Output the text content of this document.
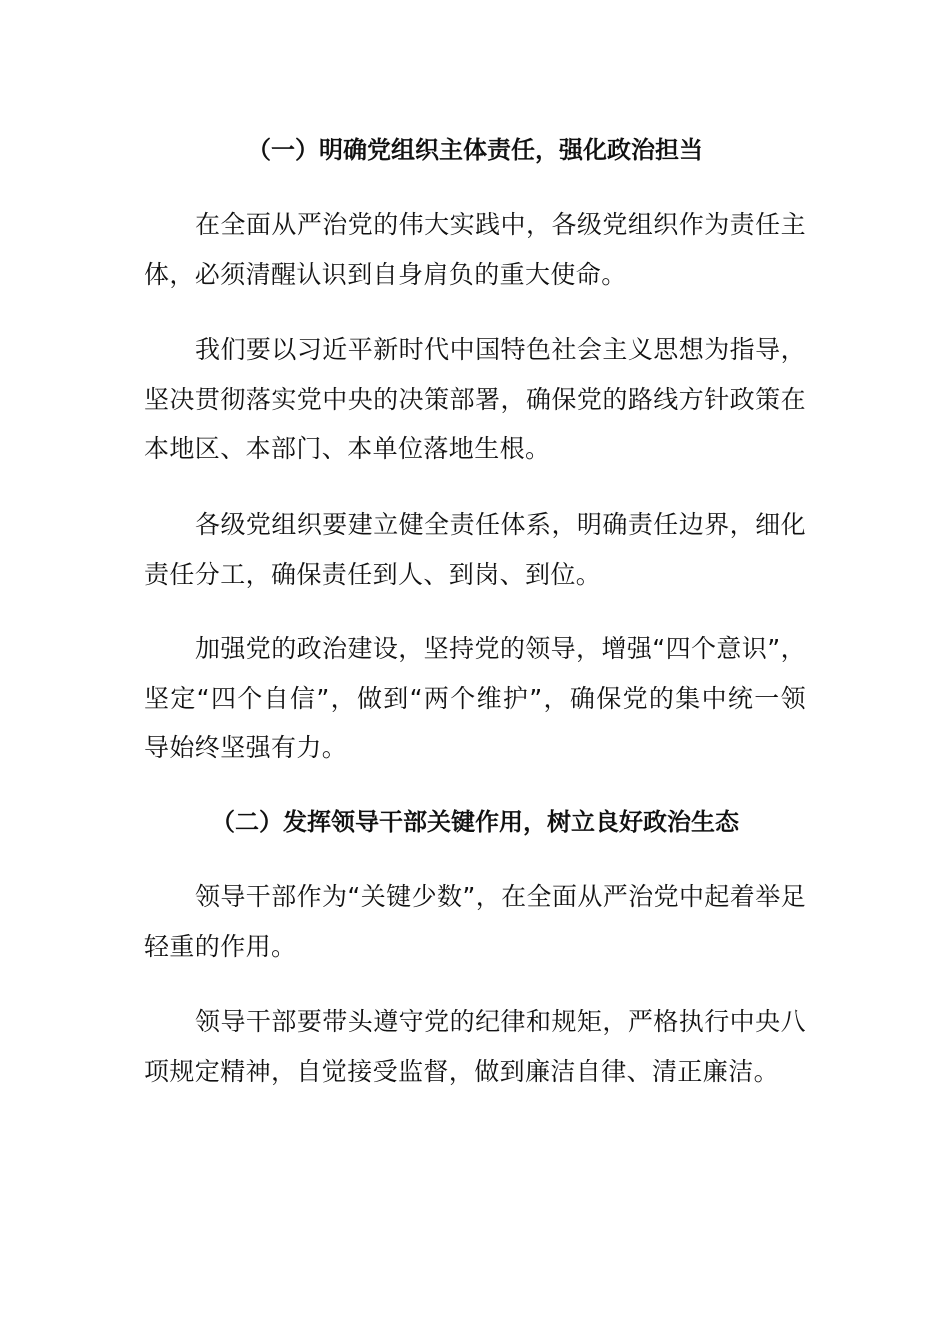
（一）明确党组织主体责任，强化政治担当
在全面从严治党的伟大实践中，各级党组织作为责任主体，必须清醒认识到自身肩负的重大使命。
我们要以习近平新时代中国特色社会主义思想为指导，坚决贯彻落实党中央的决策部署，确保党的路线方针政策在本地区、本部门、本单位落地生根。
各级党组织要建立健全责任体系，明确责任边界，细化责任分工，确保责任到人、到岗、到位。
加强党的政治建设，坚持党的领导，增强“四个意识”，坚定“四个自信”，做到“两个维护”，确保党的集中统一领导始终坚强有力。
（二）发挥领导干部关键作用，树立良好政治生态
领导干部作为“关键少数”，在全面从严治党中起着举足轻重的作用。
领导干部要带头遵守党的纪律和规矩，严格执行中央八项规定精神，自觉接受监督，做到廉洁自律、清正廉洁。
